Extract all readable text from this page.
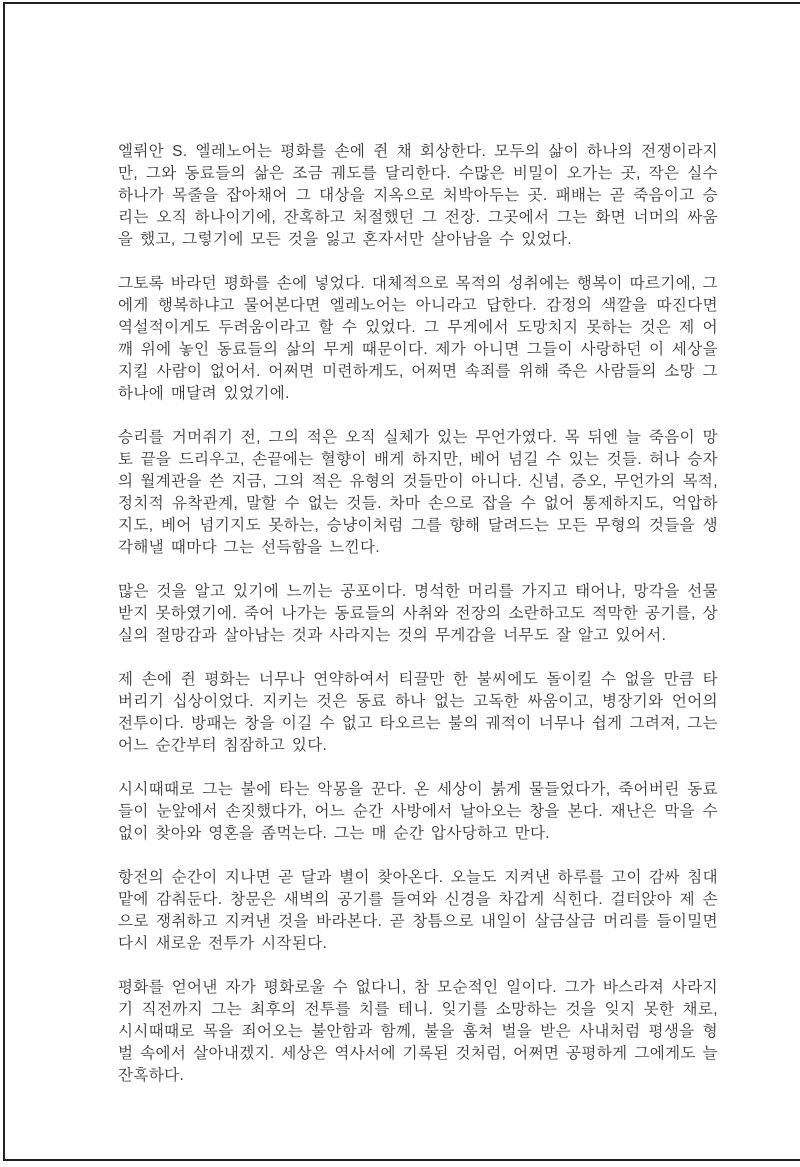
엘뤼안 S. 엘레노어는 평화를 손에 쥔 채 회상한다. 모두의 삶이 하나의 전쟁이라지만, 그와 동료들의 삶은 조금 궤도를 달리한다. 수많은 비밀이 오가는 곳, 작은 실수 하나가 목줄을 잡아채어 그 대상을 지옥으로 처박아두는 곳. 패배는 곧 죽음이고 승리는 오직 하나이기에, 잔혹하고 처절했던 그 전장. 그곳에서 그는 화면 너머의 싸움을 했고, 그렇기에 모든 것을 잃고 혼자서만 살아남을 수 있었다.

그토록 바라던 평화를 손에 넣었다. 대체적으로 목적의 성취에는 행복이 따르기에, 그에게 행복하냐고 물어본다면 엘레노어는 아니라고 답한다. 감정의 색깔을 따진다면 역설적이게도 두려움이라고 할 수 있었다. 그 무게에서 도망치지 못하는 것은 제 어깨 위에 놓인 동료들의 삶의 무게 때문이다. 제가 아니면 그들이 사랑하던 이 세상을 지킬 사람이 없어서. 어쩌면 미련하게도, 어쩌면 속죄를 위해 죽은 사람들의 소망 그 하나에 매달려 있었기에.

승리를 거머쥐기 전, 그의 적은 오직 실체가 있는 무언가였다. 목 뒤엔 늘 죽음이 망토 끝을 드리우고, 손끝에는 혈향이 배게 하지만, 베어 넘길 수 있는 것들. 허나 승자의 월계관을 쓴 지금, 그의 적은 유형의 것들만이 아니다. 신념, 증오, 무언가의 목적, 정치적 유착관계, 말할 수 없는 것들. 차마 손으로 잡을 수 없어 통제하지도, 억압하지도, 베어 넘기지도 못하는, 승냥이처럼 그를 향해 달려드는 모든 무형의 것들을 생각해낼 때마다 그는 선득함을 느낀다.

많은 것을 알고 있기에 느끼는 공포이다. 명석한 머리를 가지고 태어나, 망각을 선물 받지 못하였기에. 죽어 나가는 동료들의 사취와 전장의 소란하고도 적막한 공기를, 상실의 절망감과 살아남는 것과 사라지는 것의 무게감을 너무도 잘 알고 있어서.

제 손에 쥔 평화는 너무나 연약하여서 티끌만 한 불씨에도 돌이킬 수 없을 만큼 타 버리기 십상이었다. 지키는 것은 동료 하나 없는 고독한 싸움이고, 병장기와 언어의 전투이다. 방패는 창을 이길 수 없고 타오르는 불의 궤적이 너무나 쉽게 그려져, 그는 어느 순간부터 침잠하고 있다.

시시때때로 그는 불에 타는 악몽을 꾼다. 온 세상이 붉게 물들었다가, 죽어버린 동료들이 눈앞에서 손짓했다가, 어느 순간 사방에서 날아오는 창을 본다. 재난은 막을 수 없이 찾아와 영혼을 좀먹는다. 그는 매 순간 압사당하고 만다.

항전의 순간이 지나면 곧 달과 별이 찾아온다. 오늘도 지켜낸 하루를 고이 감싸 침대맡에 감춰둔다. 창문은 새벽의 공기를 들여와 신경을 차갑게 식힌다. 걸터앉아 제 손으로 쟁취하고 지켜낸 것을 바라본다. 곧 창틈으로 내일이 살금살금 머리를 들이밀면 다시 새로운 전투가 시작된다.

평화를 얻어낸 자가 평화로울 수 없다니, 참 모순적인 일이다. 그가 바스라져 사라지기 직전까지 그는 최후의 전투를 치를 테니. 잊기를 소망하는 것을 잊지 못한 채로, 시시때때로 목을 죄어오는 불안함과 함께, 불을 훔쳐 벌을 받은 사내처럼 평생을 형벌 속에서 살아내겠지. 세상은 역사서에 기록된 것처럼, 어쩌면 공평하게 그에게도 늘 잔혹하다.
